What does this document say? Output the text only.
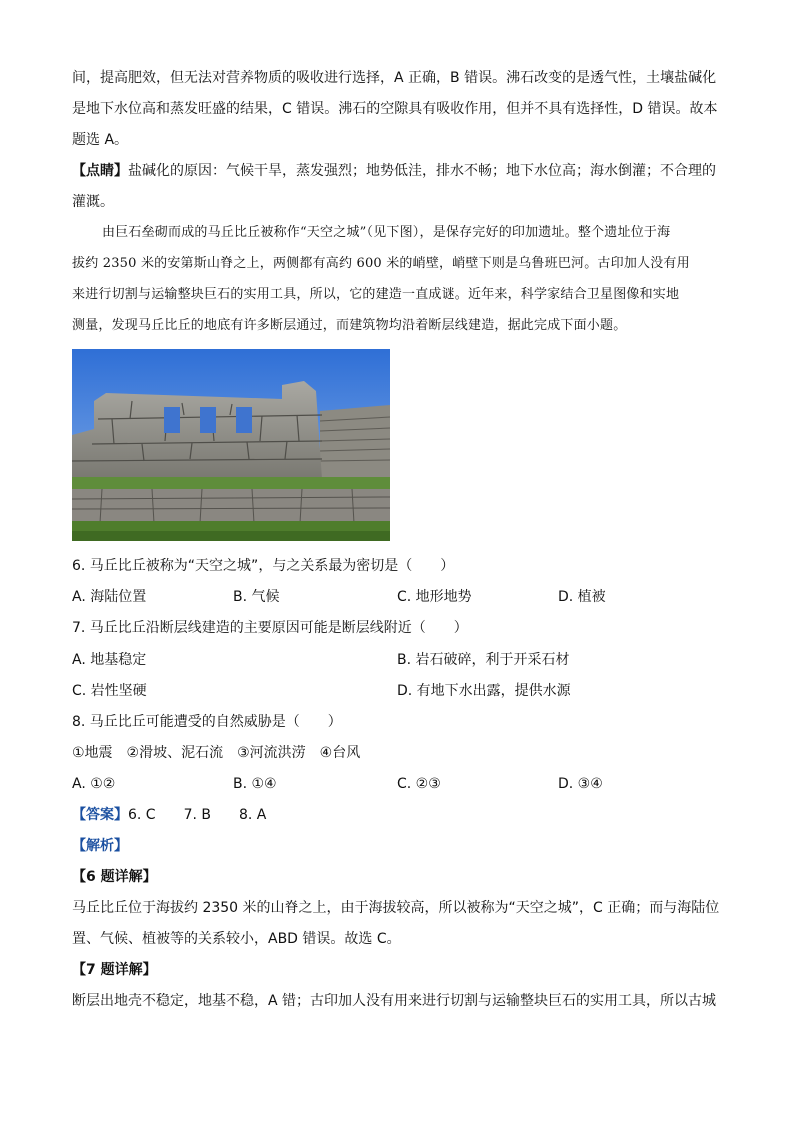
间，提高肥效，但无法对营养物质的吸收进行选择，A 正确，B 错误。沸石改变的是透气性，土壤盐碱化
是地下水位高和蒸发旺盛的结果，C 错误。沸石的空隙具有吸收作用，但并不具有选择性，D 错误。故本
题选 A。
【点睛】盐碱化的原因：气候干旱，蒸发强烈；地势低洼，排水不畅；地下水位高；海水倒灌；不合理的
灌溉。
由巨石垒砌而成的马丘比丘被称作“天空之城”（见下图），是保存完好的印加遗址。整个遗址位于海
拔约 2350 米的安第斯山脊之上，两侧都有高约 600 米的峭壁，峭壁下则是乌鲁班巴河。古印加人没有用
来进行切割与运输整块巨石的实用工具，所以，它的建造一直成谜。近年来，科学家结合卫星图像和实地
测量，发现马丘比丘的地底有许多断层通过，而建筑物均沿着断层线建造，据此完成下面小题。
6. 马丘比丘被称为“天空之城”，与之关系最为密切是（　　）
A. 海陆位置	B. 气候	C. 地形地势	D. 植被
7. 马丘比丘沿断层线建造的主要原因可能是断层线附近（　　）
A. 地基稳定	B. 岩石破碎，利于开采石材
C. 岩性坚硬	D. 有地下水出露，提供水源
8. 马丘比丘可能遭受的自然威胁是（　　）
①地震　②滑坡、泥石流　③河流洪涝　④台风
A. ①②	B. ①④	C. ②③	D. ③④
【答案】6. C　　7. B　　8. A
【解析】
【6 题详解】
马丘比丘位于海拔约 2350 米的山脊之上，由于海拔较高，所以被称为“天空之城”，C 正确；而与海陆位
置、气候、植被等的关系较小，ABD 错误。故选 C。
【7 题详解】
断层出地壳不稳定，地基不稳，A 错；古印加人没有用来进行切割与运输整块巨石的实用工具，所以古城
